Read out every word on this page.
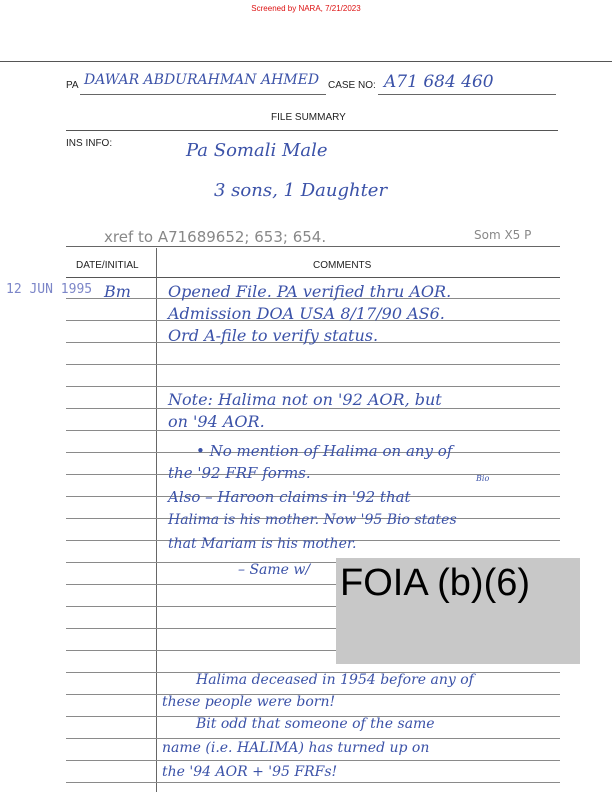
Screened by NARA, 7/21/2023
PA DAWAR ABDURAHMAN AHMED CASE NO: A71 684 460
FILE SUMMARY
INS INFO:	Pa Somali Male
3 sons, 1 Daughter
xref to A71689652; 653; 654.	Som X5 P
DATE/INITIAL	COMMENTS
12 JUN 1995 Bm Opened File. PA verified thru AOR.
Admission DOA USA 8/17/90 AS6.
Ord A-file to verify status.
Note: Halima not on '92 AOR, but
on '94 AOR.
• No mention of Halima on any of
the '92 FRF forms.	Bio
Also – Haroon claims in '92 that
Halima is his mother. Now '95 Bio states
that Mariam is his mother.
– Same w/
Halima deceased in 1954 before any of
these people were born!
Bit odd that someone of the same
name (i.e. HALIMA) has turned up on
the '94 AOR + '95 FRFs!
FOIA (b)(6)
